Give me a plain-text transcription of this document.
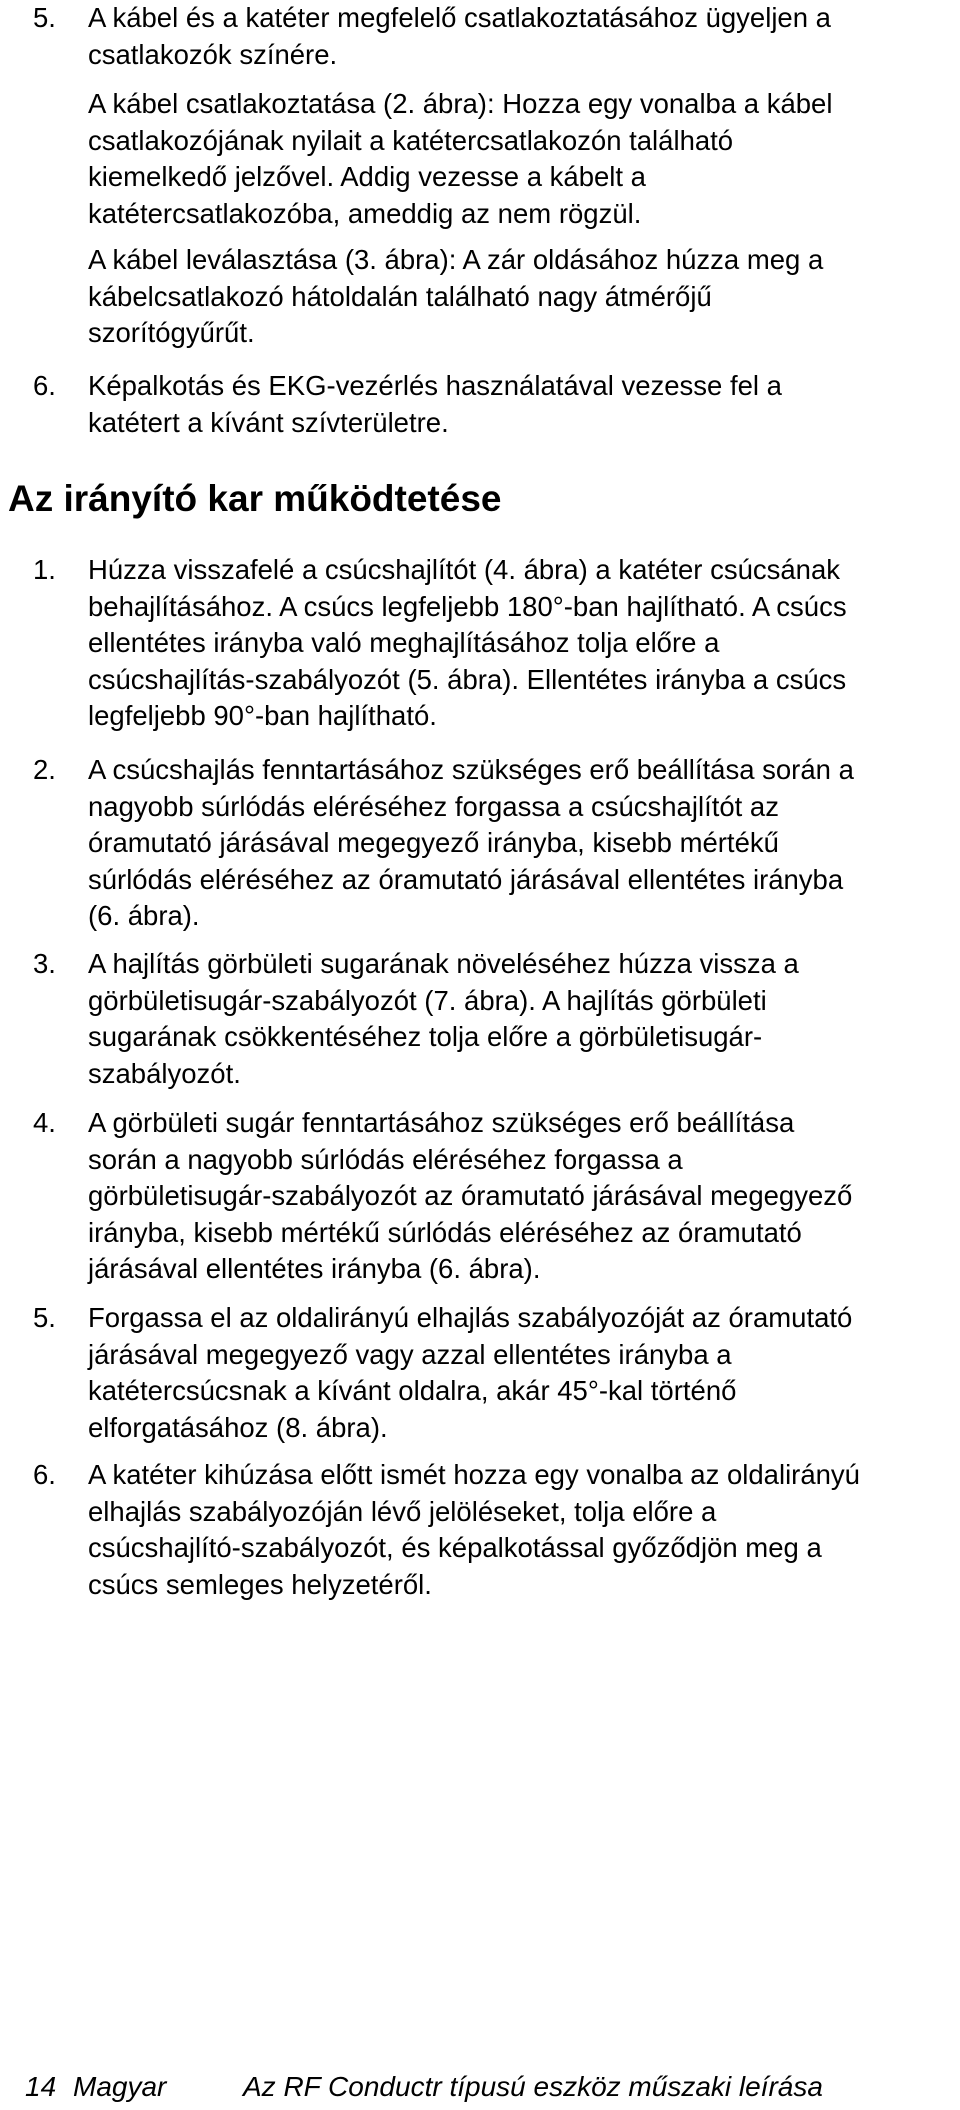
5. A kábel és a katéter megfelelő csatlakoztatásához ügyeljen a
csatlakozók színére.
A kábel csatlakoztatása (2. ábra): Hozza egy vonalba a kábel
csatlakozójának nyilait a katétercsatlakozón található
kiemelkedő jelzővel. Addig vezesse a kábelt a
katétercsatlakozóba, ameddig az nem rögzül.
A kábel leválasztása (3. ábra): A zár oldásához húzza meg a
kábelcsatlakozó hátoldalán található nagy átmérőjű
szorítógyűrűt.
6. Képalkotás és EKG-vezérlés használatával vezesse fel a
katétert a kívánt szívterületre.
Az irányító kar működtetése
1. Húzza visszafelé a csúcshajlítót (4. ábra) a katéter csúcsának
behajlításához. A csúcs legfeljebb 180°-ban hajlítható. A csúcs
ellentétes irányba való meghajlításához tolja előre a
csúcshajlítás-szabályozót (5. ábra). Ellentétes irányba a csúcs
legfeljebb 90°-ban hajlítható.
2. A csúcshajlás fenntartásához szükséges erő beállítása során a
nagyobb súrlódás eléréséhez forgassa a csúcshajlítót az
óramutató járásával megegyező irányba, kisebb mértékű
súrlódás eléréséhez az óramutató járásával ellentétes irányba
(6. ábra).
3. A hajlítás görbületi sugarának növeléséhez húzza vissza a
görbületisugár-szabályozót (7. ábra). A hajlítás görbületi
sugarának csökkentéséhez tolja előre a görbületisugár-
szabályozót.
4. A görbületi sugár fenntartásához szükséges erő beállítása
során a nagyobb súrlódás eléréséhez forgassa a
görbületisugár-szabályozót az óramutató járásával megegyező
irányba, kisebb mértékű súrlódás eléréséhez az óramutató
járásával ellentétes irányba (6. ábra).
5. Forgassa el az oldalirányú elhajlás szabályozóját az óramutató
járásával megegyező vagy azzal ellentétes irányba a
katétercsúcsnak a kívánt oldalra, akár 45°-kal történő
elforgatásához (8. ábra).
6. A katéter kihúzása előtt ismét hozza egy vonalba az oldalirányú
elhajlás szabályozóján lévő jelöléseket, tolja előre a
csúcshajlító-szabályozót, és képalkotással győződjön meg a
csúcs semleges helyzetéről.
14 Magyar	Az RF Conductr típusú eszköz műszaki leírása
